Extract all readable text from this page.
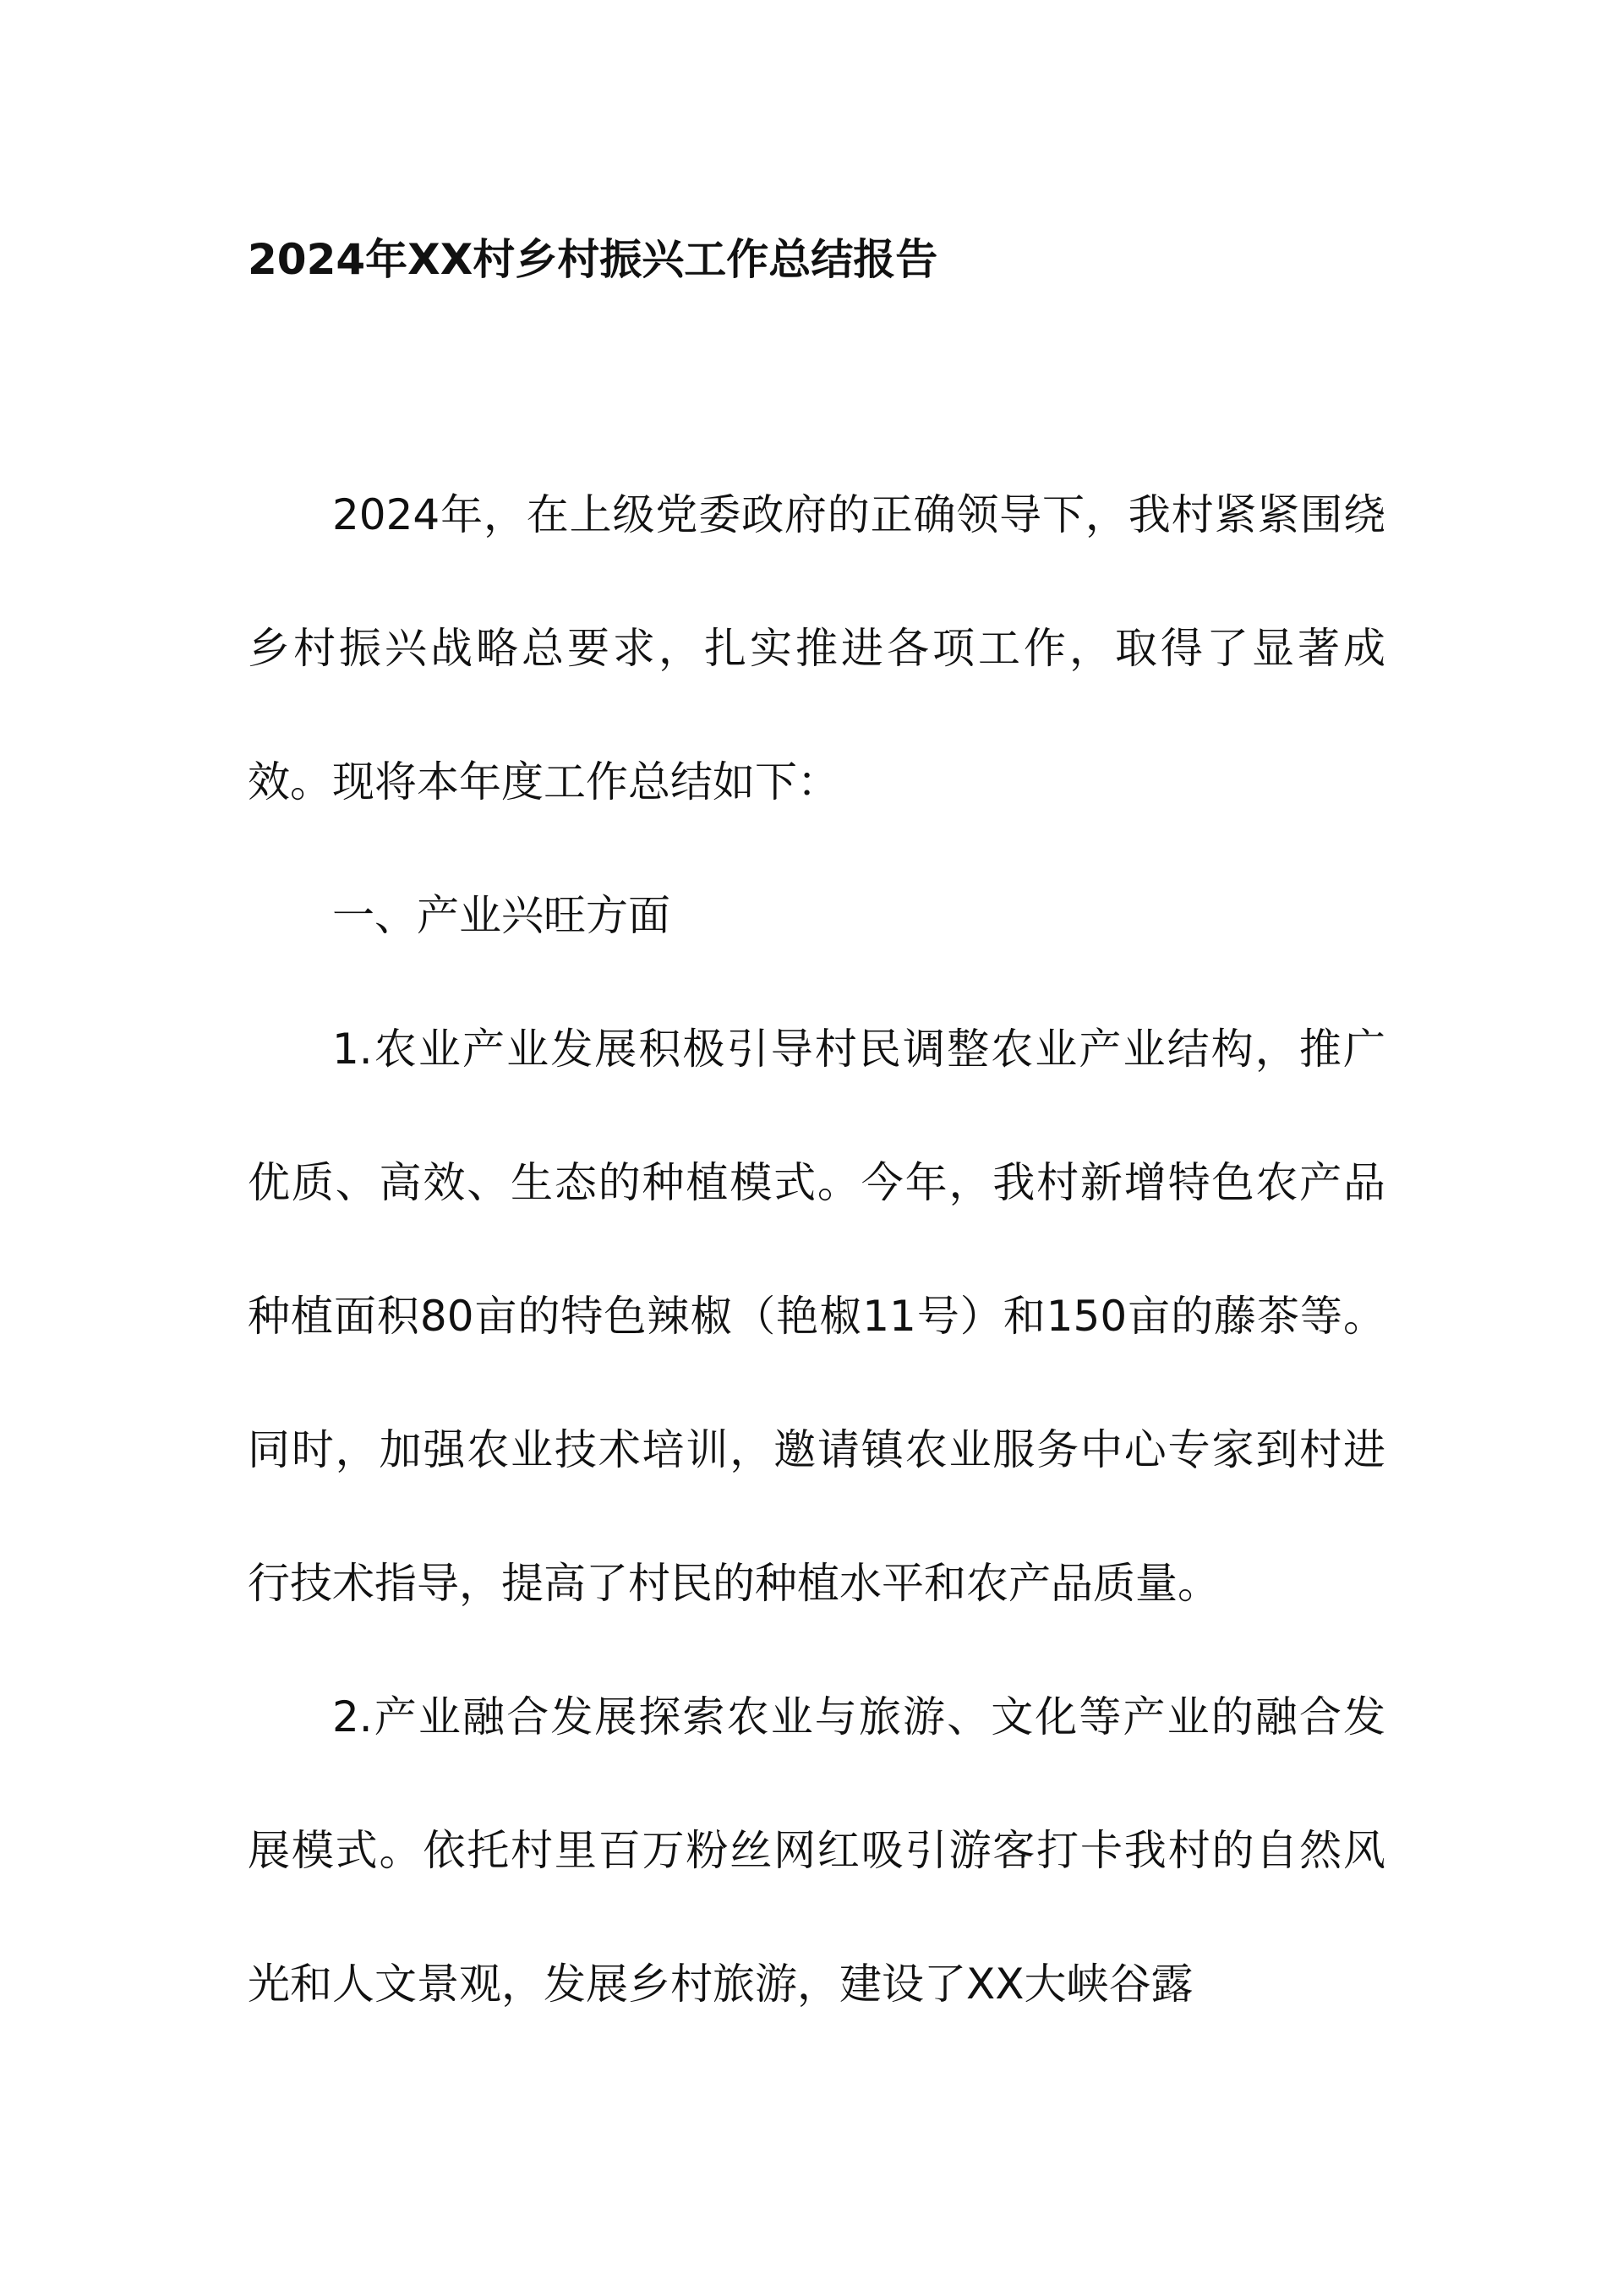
2024年XX村乡村振兴工作总结报告

2024年，在上级党委政府的正确领导下，我村紧紧围绕乡村振兴战略总要求，扎实推进各项工作，取得了显著成效。现将本年度工作总结如下：

一、产业兴旺方面

1.农业产业发展积极引导村民调整农业产业结构，推广优质、高效、生态的种植模式。今年，我村新增特色农产品种植面积80亩的特色辣椒（艳椒11号）和150亩的藤茶等。同时，加强农业技术培训，邀请镇农业服务中心专家到村进行技术指导，提高了村民的种植水平和农产品质量。

2.产业融合发展探索农业与旅游、文化等产业的融合发展模式。依托村里百万粉丝网红吸引游客打卡我村的自然风光和人文景观，发展乡村旅游，建设了XX大峡谷露
